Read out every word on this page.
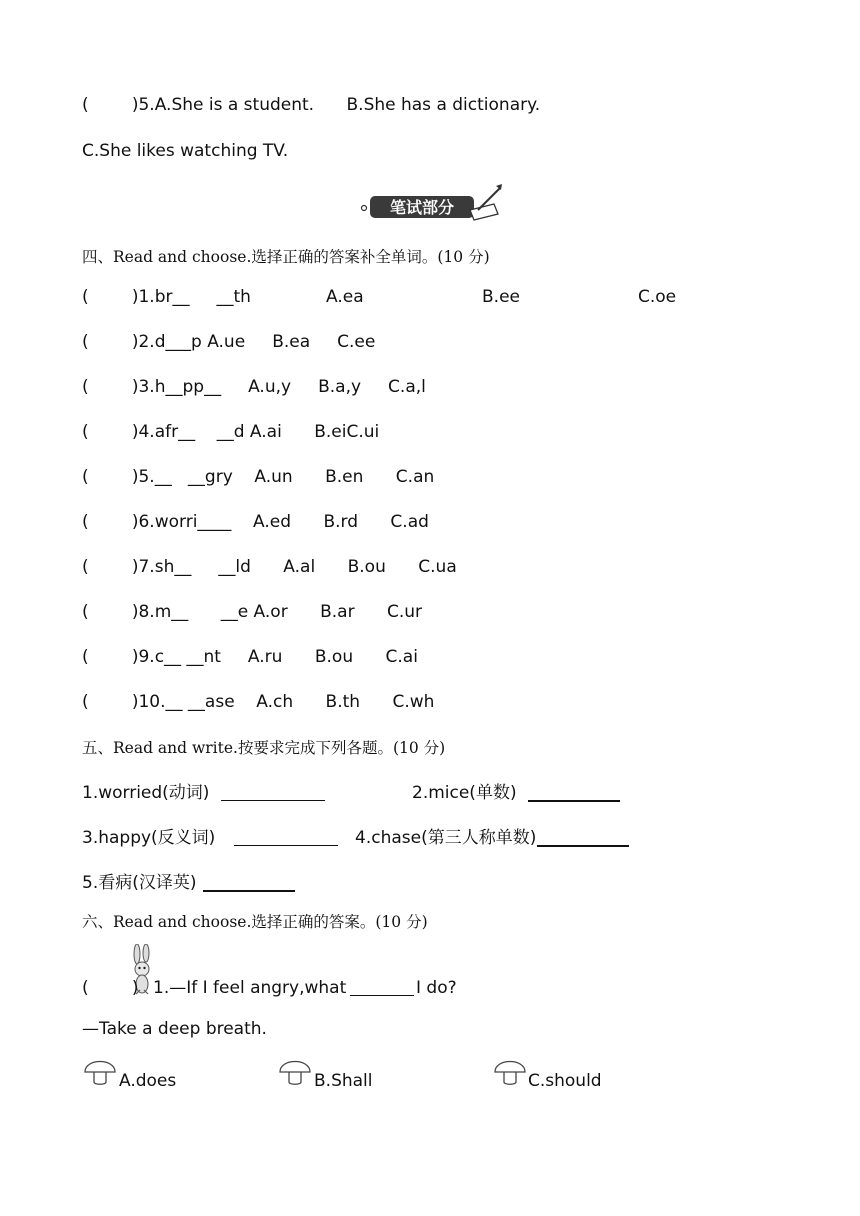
(        )5.A.She is a student.      B.She has a dictionary.
C.She likes watching TV.
笔试部分
四、Read and choose.选择正确的答案补全单词。(10 分)
(        )1.br__     __th	A.ea	B.ee	C.oe
(        )2.d___p A.ue     B.ea     C.ee
(        )3.h__pp__     A.u,y     B.a,y     C.a,l
(        )4.afr__    __d A.ai      B.eiC.ui
(        )5.__   __gry    A.un      B.en      C.an
(        )6.worri____    A.ed      B.rd      C.ad
(        )7.sh__     __ld      A.al      B.ou      C.ua
(        )8.m__      __e A.or      B.ar      C.ur
(        )9.c__ __nt     A.ru      B.ou      C.ai
(        )10.__ __ase    A.ch      B.th      C.wh
五、Read and write.按要求完成下列各题。(10 分)
1.worried(动词)	2.mice(单数)
3.happy(反义词)	4.chase(第三人称单数)
5.看病(汉译英)
六、Read and choose.选择正确的答案。(10 分)
(        ) 1.—If I feel angry,what	I do?
—Take a deep breath.
A.does	B.Shall	C.should
